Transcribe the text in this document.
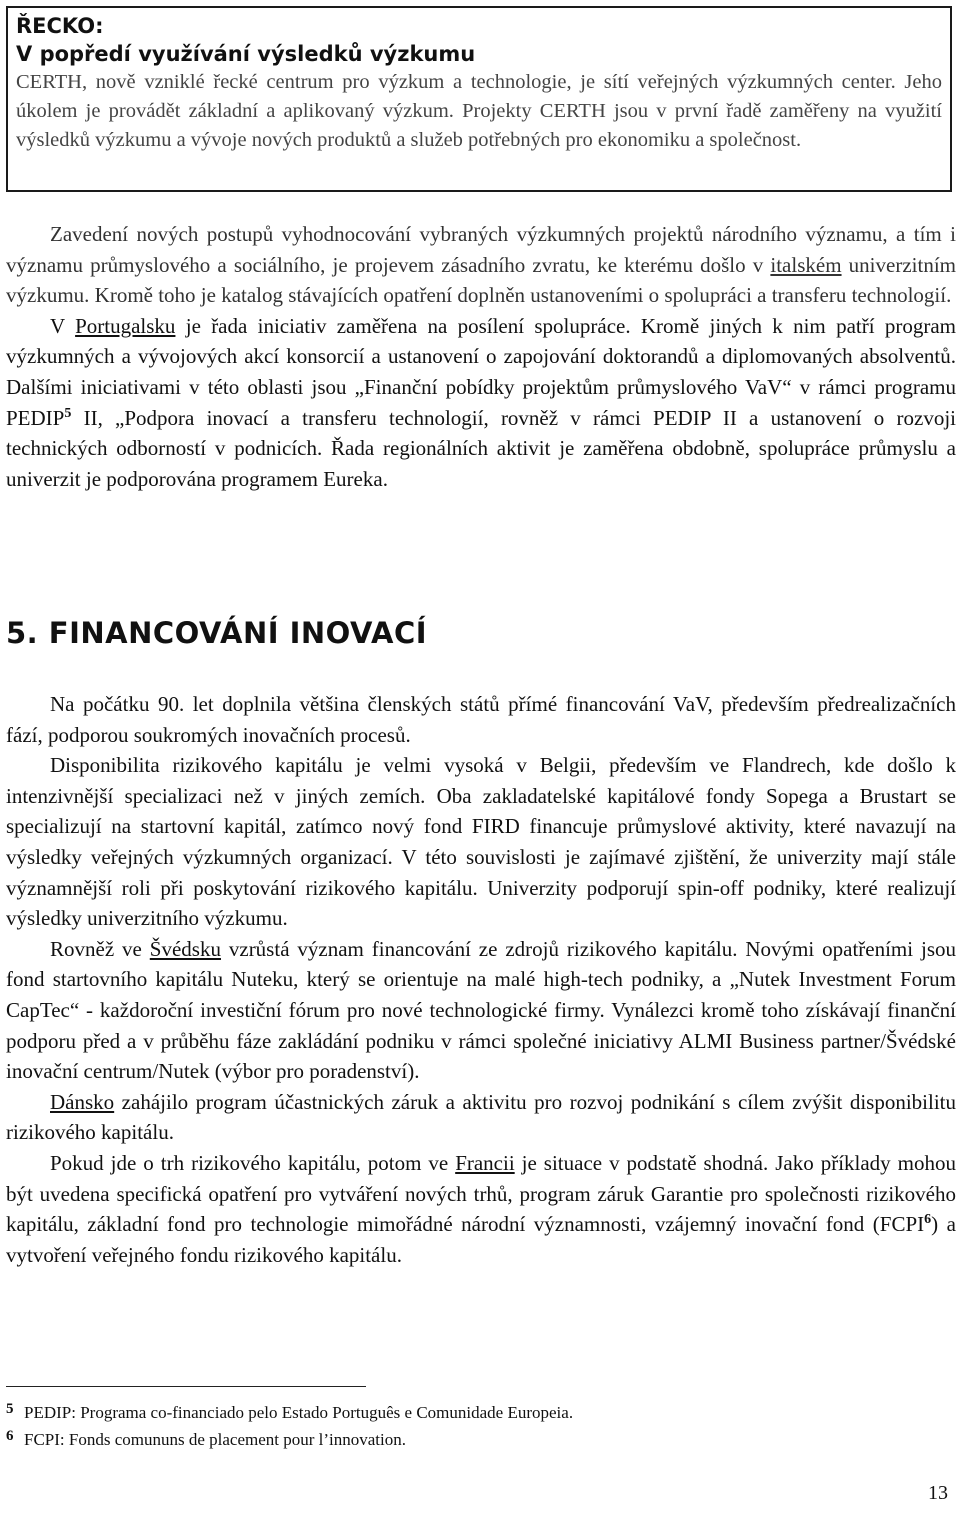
ŘECKO:

V popředí využívání výsledků výzkumu

CERTH, nově vzniklé řecké centrum pro výzkum a technologie, je sítí veřejných výzkumných center. Jeho úkolem je provádět základní a aplikovaný výzkum. Projekty CERTH jsou v první řadě zaměřeny na využití výsledků výzkumu a vývoje nových produktů a služeb potřebných pro ekonomiku a společnost.

Zavedení nových postupů vyhodnocování vybraných výzkumných projektů národního významu, a tím i významu průmyslového a sociálního, je projevem zásadního zvratu, ke kterému došlo v italském univerzitním výzkumu. Kromě toho je katalog stávajících opatření doplněn ustanoveními o spolupráci a transferu technologií.

V Portugalsku je řada iniciativ zaměřena na posílení spolupráce. Kromě jiných k nim patří program výzkumných a vývojových akcí konsorcií a ustanovení o zapojování doktorandů a diplomovaných absolventů. Dalšími iniciativami v této oblasti jsou „Finanční pobídky projektům průmyslového VaV“ v rámci programu PEDIP$^5$ II, „Podpora inovací a transferu technologií, rovněž v rámci PEDIP II a ustanovení o rozvoji technických odborností v podnicích. Řada regionálních aktivit je zaměřena obdobně, spolupráce průmyslu a univerzit je podporována programem Eureka.

5. FINANCOVÁNÍ INOVACÍ

Na počátku 90. let doplnila většina členských států přímé financování VaV, především předrealizačních fází, podporou soukromých inovačních procesů.

Disponibilita rizikového kapitálu je velmi vysoká v Belgii, především ve Flandrech, kde došlo k intenzivnější specializaci než v jiných zemích. Oba zakladatelské kapitálové fondy Sopega a Brustart se specializují na startovní kapitál, zatímco nový fond FIRD financuje průmyslové aktivity, které navazují na výsledky veřejných výzkumných organizací. V této souvislosti je zajímavé zjištění, že univerzity mají stále významnější roli při poskytování rizikového kapitálu. Univerzity podporují spin-off podniky, které realizují výsledky univerzitního výzkumu.

Rovněž ve Švédsku vzrůstá význam financování ze zdrojů rizikového kapitálu. Novými opatřeními jsou fond startovního kapitálu Nuteku, který se orientuje na malé high-tech podniky, a „Nutek Investment Forum CapTec“ - každoroční investiční fórum pro nové technologické firmy. Vynálezci kromě toho získávají finanční podporu před a v průběhu fáze zakládání podniku v rámci společné iniciativy ALMI Business partner/Švédské inovační centrum/Nutek (výbor pro poradenství).

Dánsko zahájilo program účastnických záruk a aktivitu pro rozvoj podnikání s cílem zvýšit disponibilitu rizikového kapitálu.

Pokud jde o trh rizikového kapitálu, potom ve Francii je situace v podstatě shodná. Jako příklady mohou být uvedena specifická opatření pro vytváření nových trhů, program záruk Garantie pro společnosti rizikového kapitálu, základní fond pro technologie mimořádné národní významnosti, vzájemný inovační fond (FCPI$^6$) a vytvoření veřejného fondu rizikového kapitálu.

5 PEDIP: Programa co-financiado pelo Estado Português e Comunidade Europeia.
6 FCPI: Fonds comununs de placement pour l’innovation.
13
